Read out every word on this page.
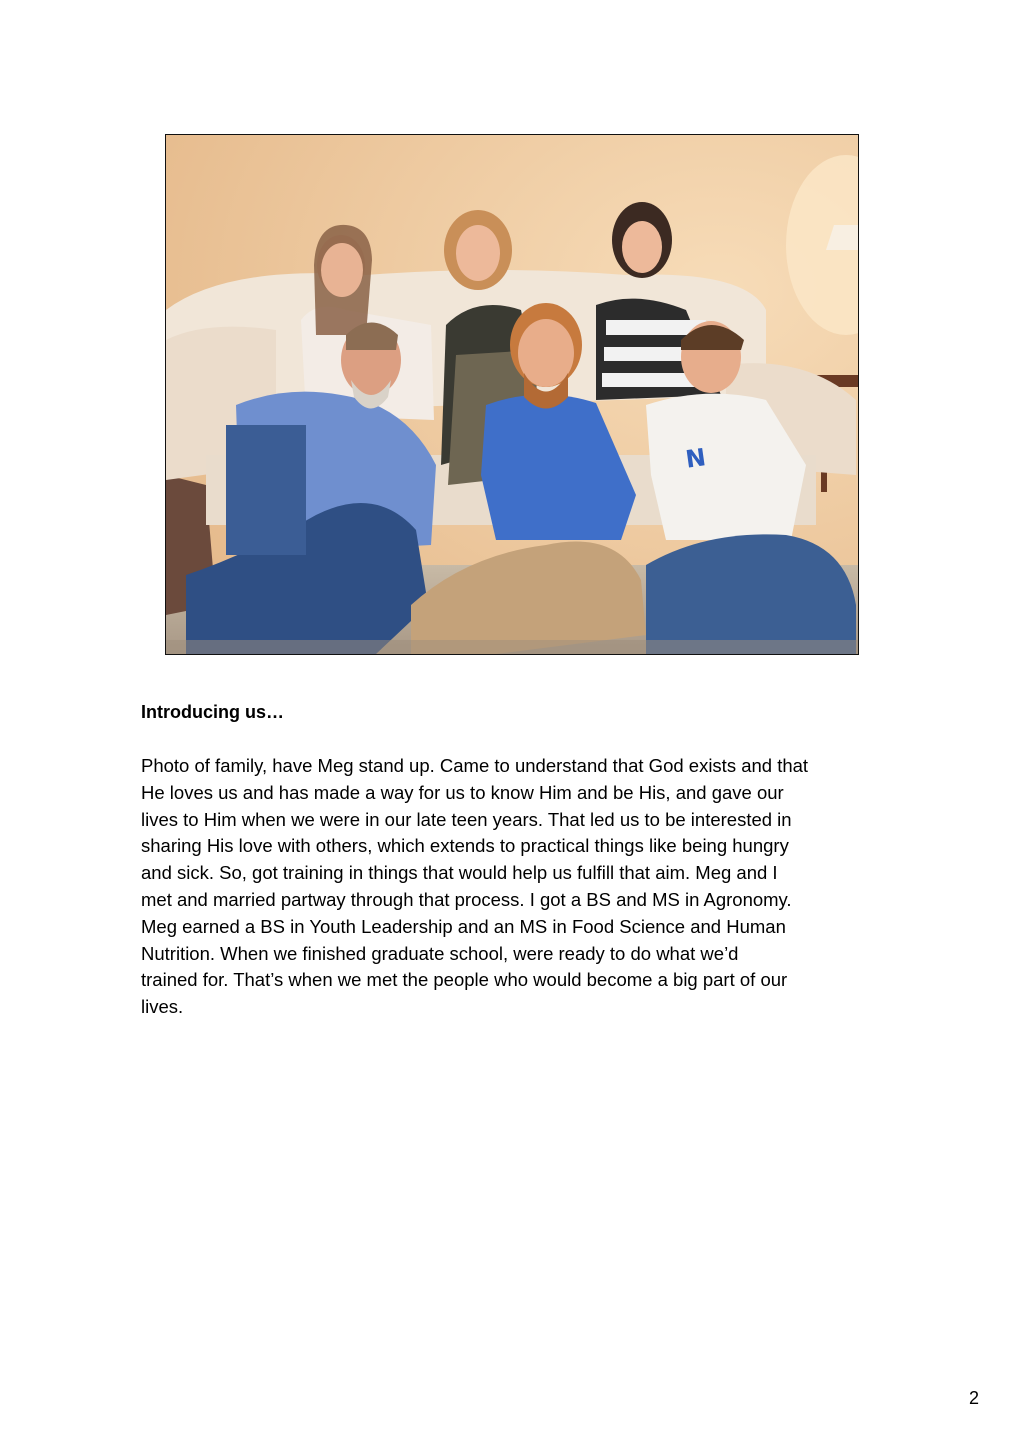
N

Introducing us…

Photo of family, have Meg stand up. Came to understand that God exists and that
He loves us and has made a way for us to know Him and be His, and gave our
lives to Him when we were in our late teen years. That led us to be interested in
sharing His love with others, which extends to practical things like being hungry
and sick. So, got training in things that would help us fulfill that aim. Meg and I
met and married partway through that process. I got a BS and MS in Agronomy.
Meg earned a BS in Youth Leadership and an MS in Food Science and Human
Nutrition. When we finished graduate school, were ready to do what we’d
trained for. That’s when we met the people who would become a big part of our
lives.

2
